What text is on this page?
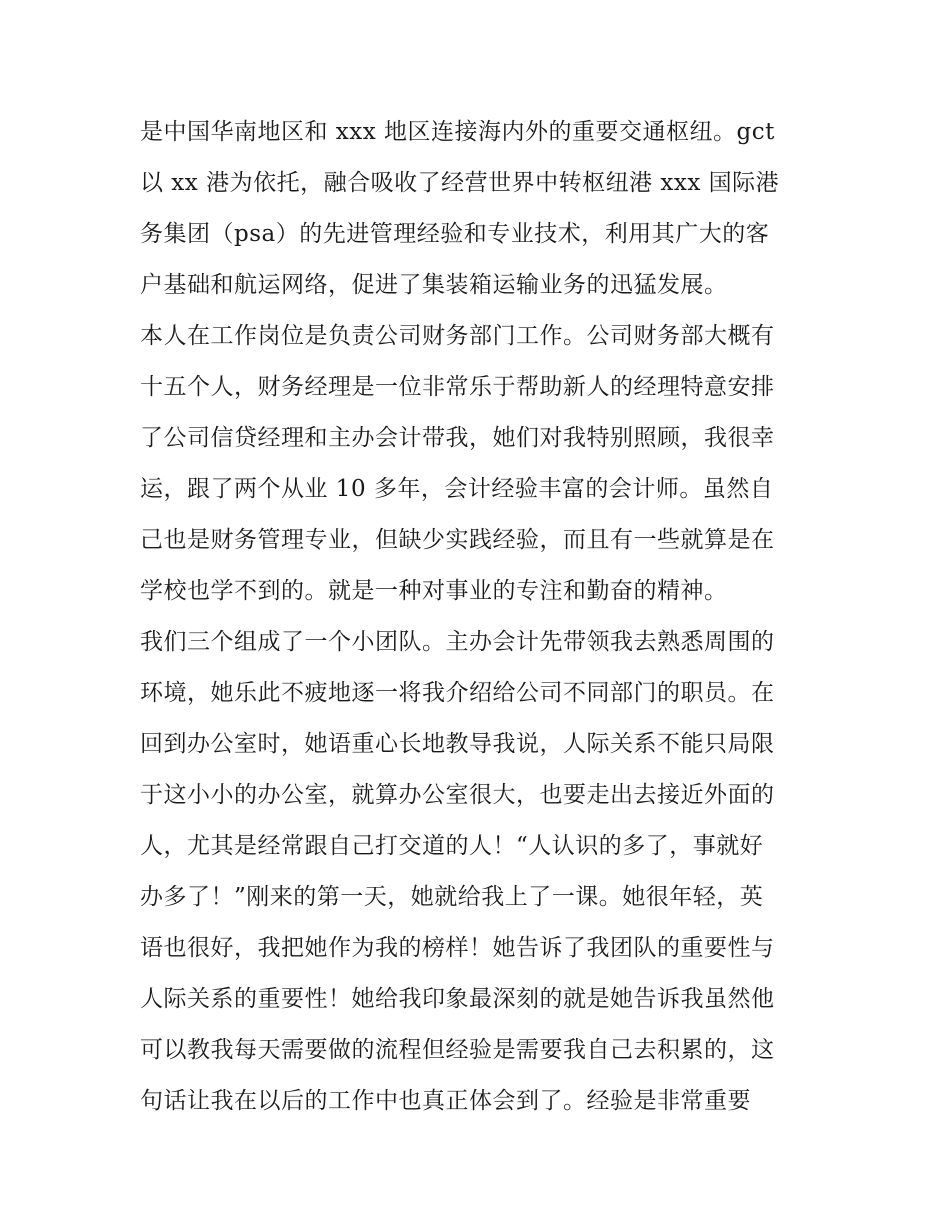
是中国华南地区和 xxx 地区连接海内外的重要交通枢纽。gct
以 xx 港为依托，融合吸收了经营世界中转枢纽港 xxx 国际港
务集团（psa）的先进管理经验和专业技术，利用其广大的客
户基础和航运网络，促进了集装箱运输业务的迅猛发展。
本人在工作岗位是负责公司财务部门工作。公司财务部大概有
十五个人，财务经理是一位非常乐于帮助新人的经理特意安排
了公司信贷经理和主办会计带我，她们对我特别照顾，我很幸
运，跟了两个从业 10 多年，会计经验丰富的会计师。虽然自
己也是财务管理专业，但缺少实践经验，而且有一些就算是在
学校也学不到的。就是一种对事业的专注和勤奋的精神。
我们三个组成了一个小团队。主办会计先带领我去熟悉周围的
环境，她乐此不疲地逐一将我介绍给公司不同部门的职员。在
回到办公室时，她语重心长地教导我说，人际关系不能只局限
于这小小的办公室，就算办公室很大，也要走出去接近外面的
人，尤其是经常跟自己打交道的人！“人认识的多了，事就好
办多了！”刚来的第一天，她就给我上了一课。她很年轻，英
语也很好，我把她作为我的榜样！她告诉了我团队的重要性与
人际关系的重要性！她给我印象最深刻的就是她告诉我虽然他
可以教我每天需要做的流程但经验是需要我自己去积累的，这
句话让我在以后的工作中也真正体会到了。经验是非常重要
